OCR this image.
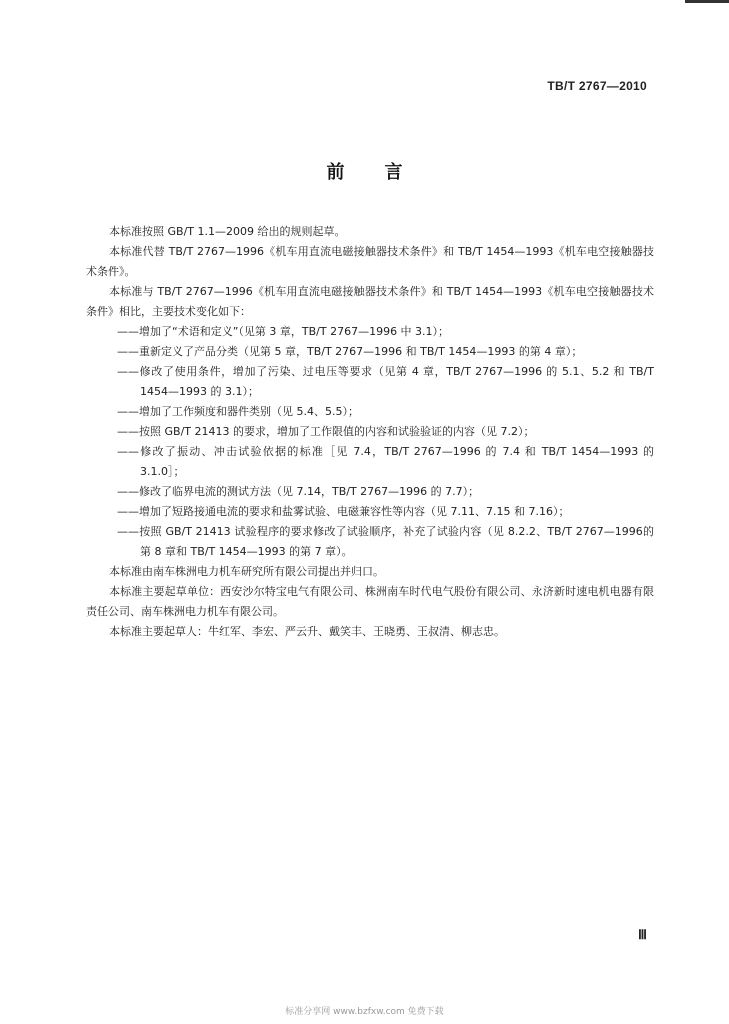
TB/T 2767—2010
前言

本标准按照 GB/T 1.1—2009 给出的规则起草。

本标准代替 TB/T 2767—1996《机车用直流电磁接触器技术条件》和 TB/T 1454—1993《机车电空接触器技术条件》。

本标准与 TB/T 2767—1996《机车用直流电磁接触器技术条件》和 TB/T 1454—1993《机车电空接触器技术条件》相比，主要技术变化如下：

——增加了“术语和定义”（见第 3 章，TB/T 2767—1996 中 3.1）；

——重新定义了产品分类（见第 5 章，TB/T 2767—1996 和 TB/T 1454—1993 的第 4 章）；

——修改了使用条件，增加了污染、过电压等要求（见第 4 章，TB/T 2767—1996 的 5.1、5.2 和 TB/T 1454—1993 的 3.1）；

——增加了工作频度和器件类别（见 5.4、5.5）；

——按照 GB/T 21413 的要求，增加了工作限值的内容和试验验证的内容（见 7.2）；

——修改了振动、冲击试验依据的标准［见 7.4，TB/T 2767—1996 的 7.4 和 TB/T 1454—1993 的 3.1.0］；

——修改了临界电流的测试方法（见 7.14，TB/T 2767—1996 的 7.7）；

——增加了短路接通电流的要求和盐雾试验、电磁兼容性等内容（见 7.11、7.15 和 7.16）；

——按照 GB/T 21413 试验程序的要求修改了试验顺序，补充了试验内容（见 8.2.2、TB/T 2767—1996的第 8 章和 TB/T 1454—1993 的第 7 章）。

本标准由南车株洲电力机车研究所有限公司提出并归口。

本标准主要起草单位：西安沙尔特宝电气有限公司、株洲南车时代电气股份有限公司、永济新时速电机电器有限责任公司、南车株洲电力机车有限公司。

本标准主要起草人：牛红军、李宏、严云升、戴笑丰、王晓勇、王叔清、柳志忠。

Ⅲ
标准分享网 www.bzfxw.com 免费下载
